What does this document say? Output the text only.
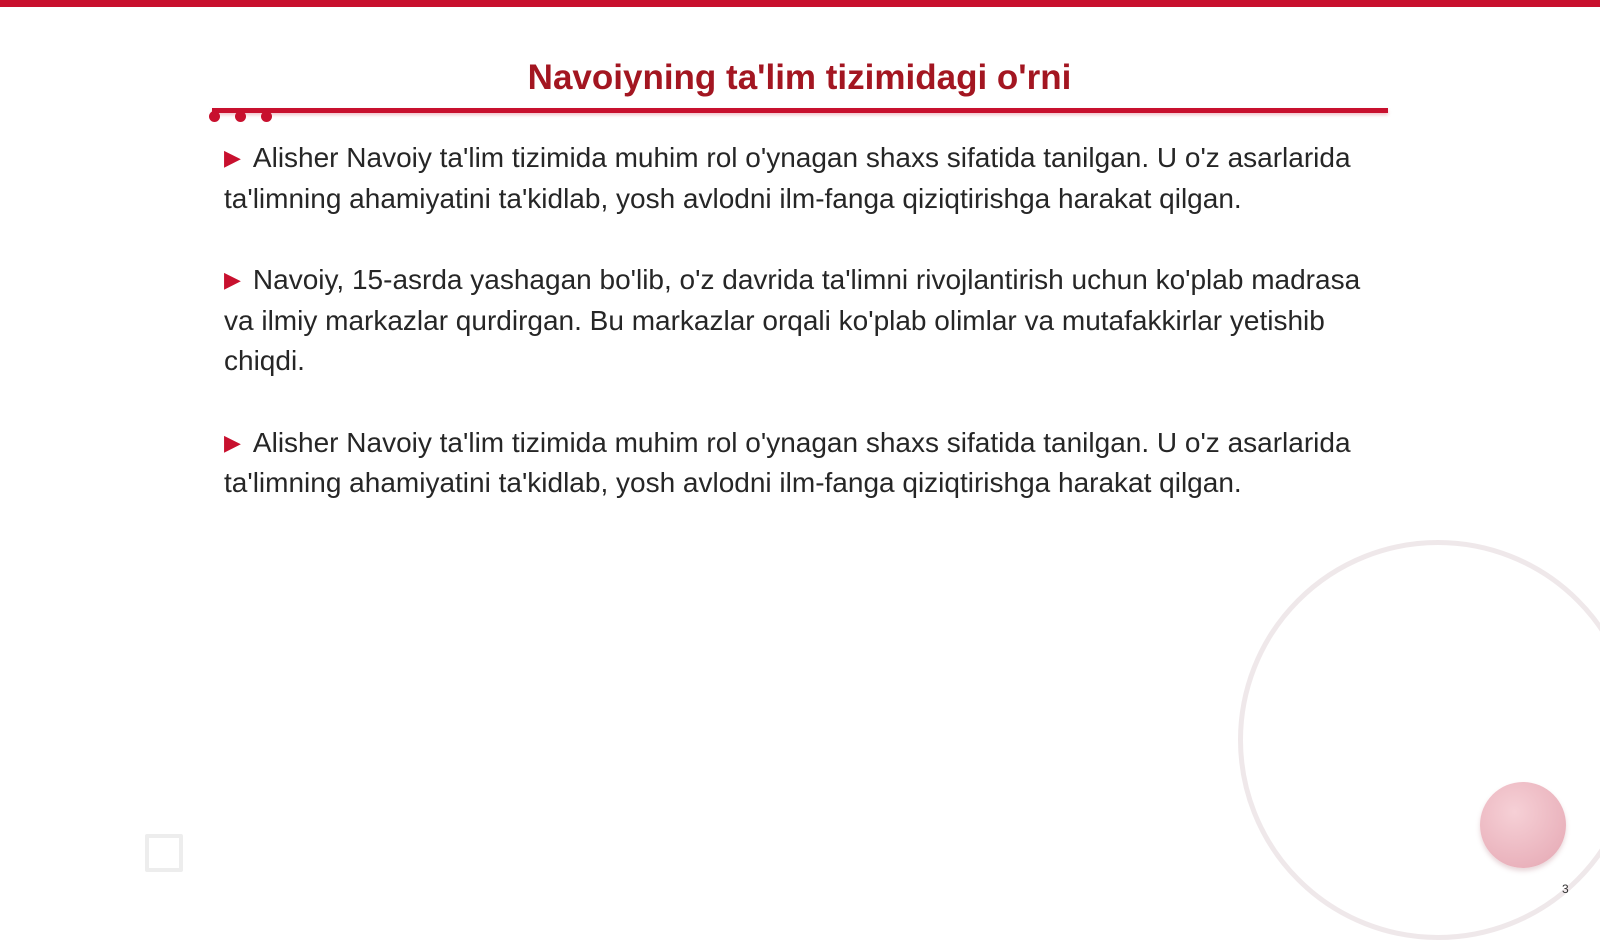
Navoiyning ta'lim tizimidagi o'rni

▶ Alisher Navoiy ta'lim tizimida muhim rol o'ynagan shaxs sifatida tanilgan. U o'z asarlarida ta'limning ahamiyatini ta'kidlab, yosh avlodni ilm-fanga qiziqtirishga harakat qilgan.

▶ Navoiy, 15-asrda yashagan bo'lib, o'z davrida ta'limni rivojlantirish uchun ko'plab madrasa va ilmiy markazlar qurdirgan. Bu markazlar orqali ko'plab olimlar va mutafakkirlar yetishib chiqdi.

▶ Alisher Navoiy ta'lim tizimida muhim rol o'ynagan shaxs sifatida tanilgan. U o'z asarlarida ta'limning ahamiyatini ta'kidlab, yosh avlodni ilm-fanga qiziqtirishga harakat qilgan.

3
